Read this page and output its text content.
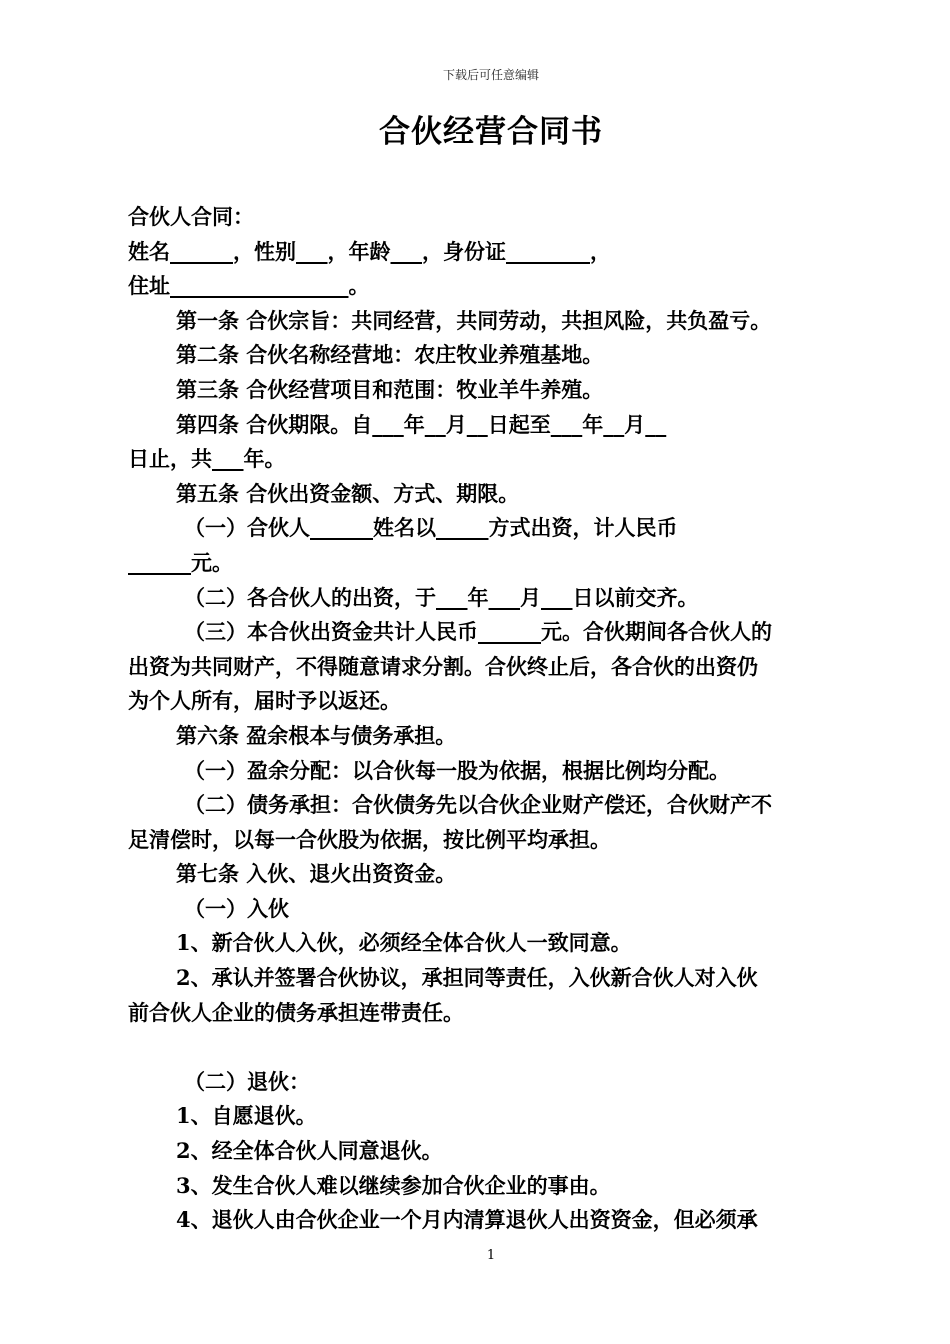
下载后可任意编辑
合伙经营合同书
合伙人合同：
姓名______，性别___，年龄___，身份证________，
住址_________________。
第一条 合伙宗旨：共同经营，共同劳动，共担风险，共负盈亏。
第二条 合伙名称经营地：农庄牧业养殖基地。
第三条 合伙经营项目和范围：牧业羊牛养殖。
第四条 合伙期限。自___年__月__日起至___年__月__
日止，共___年。
第五条 合伙出资金额、方式、期限。
（一）合伙人______姓名以_____方式出资，计人民币
______元。
（二）各合伙人的出资，于___年___月___日以前交齐。
（三）本合伙出资金共计人民币______元。合伙期间各合伙人的
出资为共同财产，不得随意请求分割。合伙终止后，各合伙的出资仍
为个人所有，届时予以返还。
第六条 盈余根本与债务承担。
（一）盈余分配：以合伙每一股为依据，根据比例均分配。
（二）债务承担：合伙债务先以合伙企业财产偿还，合伙财产不
足清偿时，以每一合伙股为依据，按比例平均承担。
第七条 入伙、退火出资资金。
（一）入伙
1、新合伙人入伙，必须经全体合伙人一致同意。
2、承认并签署合伙协议，承担同等责任，入伙新合伙人对入伙
前合伙人企业的债务承担连带责任。
（二）退伙：
1、自愿退伙。
2、经全体合伙人同意退伙。
3、发生合伙人难以继续参加合伙企业的事由。
4、退伙人由合伙企业一个月内清算退伙人出资资金，但必须承
1
